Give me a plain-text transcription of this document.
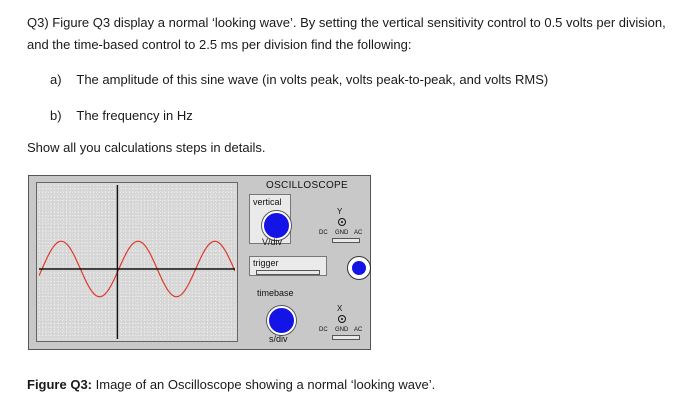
Q3) Figure Q3 display a normal ‘looking wave’. By setting the vertical sensitivity control to 0.5 volts per division, and the time-based control to 2.5 ms per division find the following:
a) The amplitude of this sine wave (in volts peak, volts peak-to-peak, and volts RMS)
b) The frequency in Hz
Show all you calculations steps in details.
OSCILLOSCOPE
vertical
V/div
Y
DC GND AC
trigger
timebase
s/div
X
DC GND AC
Figure Q3: Image of an Oscilloscope showing a normal ‘looking wave’.
